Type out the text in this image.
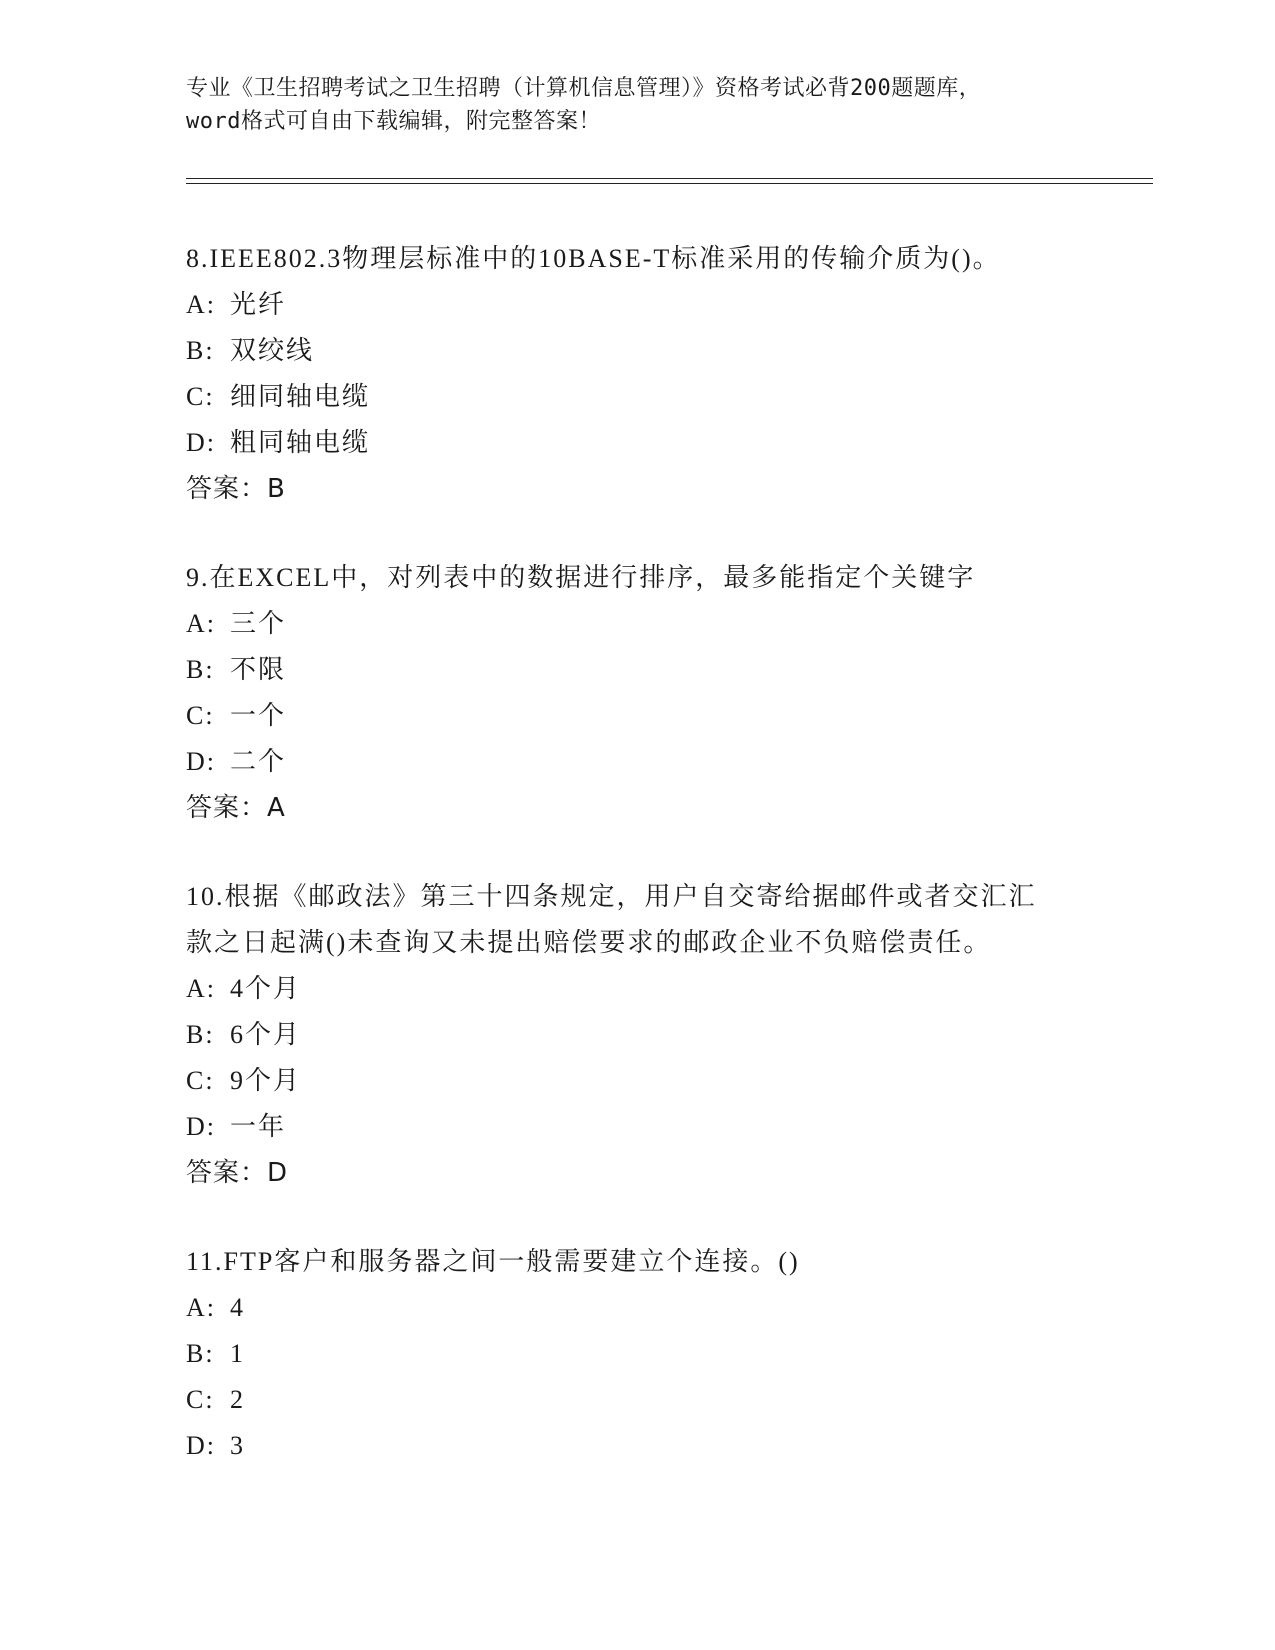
专业《卫生招聘考试之卫生招聘（计算机信息管理）》资格考试必背200题题库，
word格式可自由下载编辑，附完整答案！

8.IEEE802.3物理层标准中的10BASE-T标准采用的传输介质为()。

A: 光纤

B: 双绞线

C: 细同轴电缆

D: 粗同轴电缆

答案：B

9.在EXCEL中，对列表中的数据进行排序，最多能指定个关键字

A: 三个

B: 不限

C: 一个

D: 二个

答案：A

10.根据《邮政法》第三十四条规定，用户自交寄给据邮件或者交汇汇

款之日起满()未查询又未提出赔偿要求的邮政企业不负赔偿责任。

A: 4个月

B: 6个月

C: 9个月

D: 一年

答案：D

11.FTP客户和服务器之间一般需要建立个连接。()

A: 4

B: 1

C: 2

D: 3
